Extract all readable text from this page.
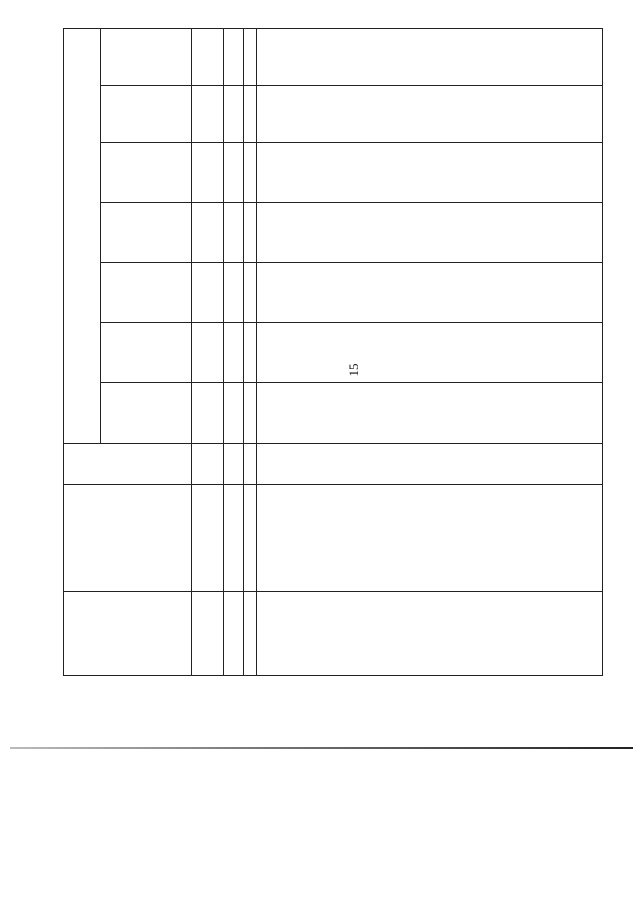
15
